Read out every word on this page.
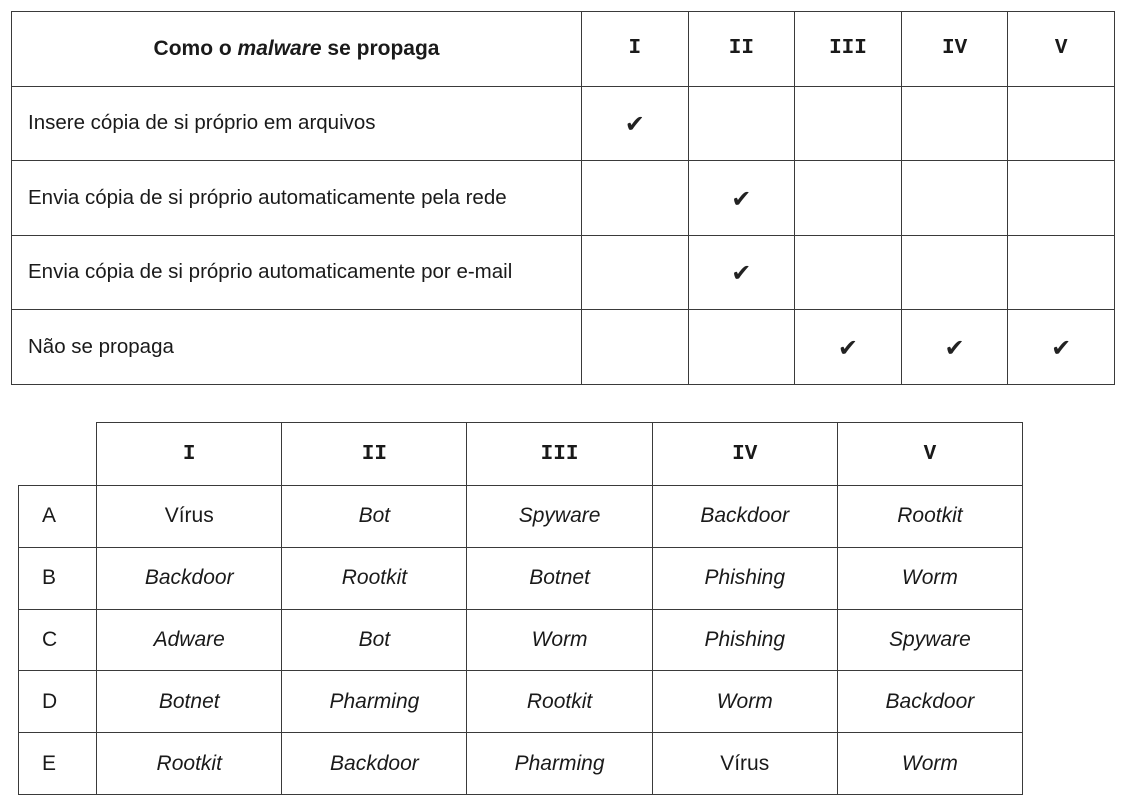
Como o malware se propaga	I	II	III	IV	V
Insere cópia de si próprio em arquivos	✔				
Envia cópia de si próprio automaticamente pela rede		✔			
Envia cópia de si próprio automaticamente por e-mail		✔			
Não se propaga			✔	✔	✔
	I	II	III	IV	V
A	Vírus	Bot	Spyware	Backdoor	Rootkit
B	Backdoor	Rootkit	Botnet	Phishing	Worm
C	Adware	Bot	Worm	Phishing	Spyware
D	Botnet	Pharming	Rootkit	Worm	Backdoor
E	Rootkit	Backdoor	Pharming	Vírus	Worm
